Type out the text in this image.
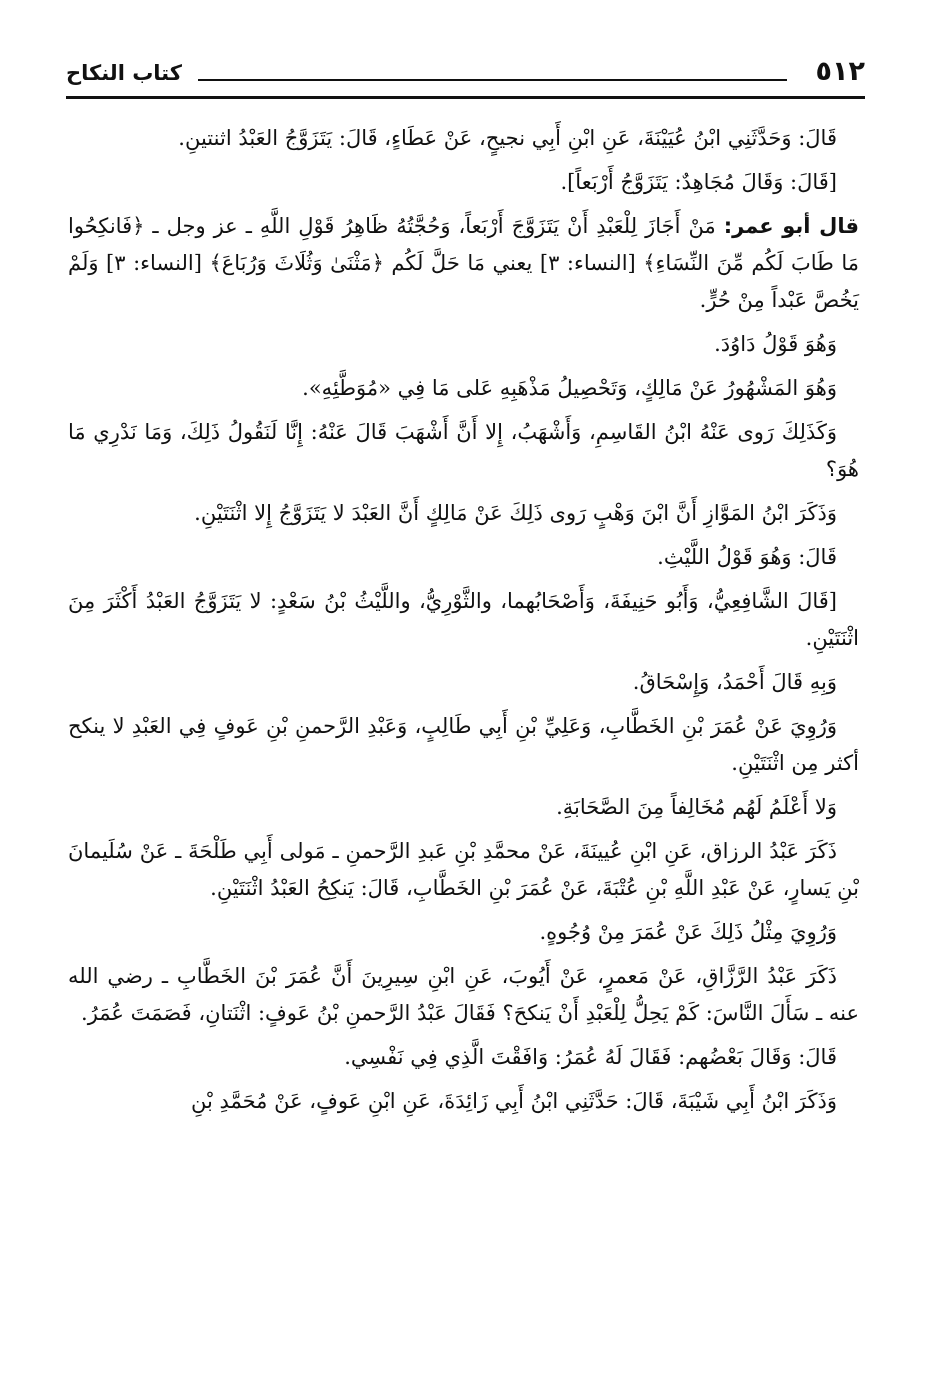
٥١٢
كتاب النكاح

قَالَ: وَحَدَّثَنِي ابْنُ عُيَيْنَةَ، عَنِ ابْنِ أَبِي نجيحٍ، عَنْ عَطَاءٍ، قَالَ: يَتَزَوَّجُ العَبْدُ اثنتينِ.

[قَالَ: وَقَالَ مُجَاهِدٌ: يَتَزَوَّجُ أَرْبَعاً].

قال أبو عمر: مَنْ أَجَازَ لِلْعَبْدِ أَنْ يَتَزَوَّجَ أَرْبَعاً، وَحُجَّتُهُ ظَاهِرُ قَوْلِ اللَّهِ ـ عز وجل ـ ﴿فَانكِحُوا مَا طَابَ لَكُم مِّنَ النِّسَاءِ﴾ [النساء: ٣] يعني مَا حَلَّ لَكُم ﴿مَثْنَىٰ وَثُلَاثَ وَرُبَاعَ﴾ [النساء: ٣] وَلَمْ يَخُصَّ عَبْداً مِنْ حُرٍّ.

وَهُوَ قَوْلُ دَاوُدَ.

وَهُوَ المَشْهُورُ عَنْ مَالِكٍ، وَتَحْصِيلُ مَذْهَبِهِ عَلى مَا فِي «مُوَطَّئِهِ».

وَكَذَلِكَ رَوى عَنْهُ ابْنُ القَاسِمِ، وَأَشْهَبُ، إِلا أَنَّ أَشْهَبَ قَالَ عَنْهُ: إِنَّا لَنَقُولُ ذَلِكَ، وَمَا نَدْرِي مَا هُوَ؟

وَذَكَرَ ابْنُ المَوَّازِ أَنَّ ابْنَ وَهْبٍ رَوى ذَلِكَ عَنْ مَالِكٍ أَنَّ العَبْدَ لا يَتَزَوَّجُ إِلا اثْنَتَيْنِ.

قَالَ: وَهُوَ قَوْلُ اللَّيْثِ.

[قَالَ الشَّافِعِيُّ، وَأَبُو حَنِيفَةَ، وَأَصْحَابُهما، والثَّوْرِيُّ، واللَّيْثُ بْنُ سَعْدٍ: لا يَتَزَوَّجُ العَبْدُ أَكْثَرَ مِنَ اثْنَتَيْنِ.

وَبِهِ قَالَ أَحْمَدُ، وَإِسْحَاقُ.

وَرُوِيَ عَنْ عُمَرَ بْنِ الخَطَّابِ، وَعَلِيِّ بْنِ أَبِي طَالِبٍ، وَعَبْدِ الرَّحمنِ بْنِ عَوفٍ فِي العَبْدِ لا ينكح أكثر مِن اثْنَتَيْنِ.

وَلا أَعْلَمُ لَهُم مُخَالِفاً مِنَ الصَّحَابَةِ.

ذَكَرَ عَبْدُ الرزاق، عَنِ ابْنِ عُيينَةَ، عَنْ محمَّدِ بْنِ عَبدِ الرَّحمنِ ـ مَولى أَبِي طَلْحَةَ ـ عَنْ سُلَيمانَ بْنِ يَسارٍ، عَنْ عَبْدِ اللَّهِ بْنِ عُتْبَةَ، عَنْ عُمَرَ بْنِ الخَطَّابِ، قَالَ: يَنكِحُ العَبْدُ اثْنَتَيْنِ.

وَرُوِيَ مِثْلُ ذَلِكَ عَنْ عُمَرَ مِنْ وُجُوهٍ.

ذَكَرَ عَبْدُ الرَّزَّاقِ، عَنْ مَعمرٍ، عَنْ أَيُوبَ، عَنِ ابْنِ سِيرِينَ أَنَّ عُمَرَ بْنَ الخَطَّابِ ـ رضي الله عنه ـ سَأَلَ النَّاسَ: كَمْ يَحِلُّ لِلْعَبْدِ أَنْ يَنكحَ؟ فَقَالَ عَبْدُ الرَّحمنِ بْنُ عَوفٍ: اثْنَتانِ، فَصَمَتَ عُمَرُ.

قَالَ: وَقَالَ بَعْضُهم: فَقَالَ لَهُ عُمَرُ: وَافَقْتَ الَّذِي فِي نَفْسِي.

وَذَكَرَ ابْنُ أَبِي شَيْبَةَ، قَالَ: حَدَّثَنِي ابْنُ أَبِي زَائِدَةَ، عَنِ ابْنِ عَوفٍ، عَنْ مُحَمَّدِ بْنِ
